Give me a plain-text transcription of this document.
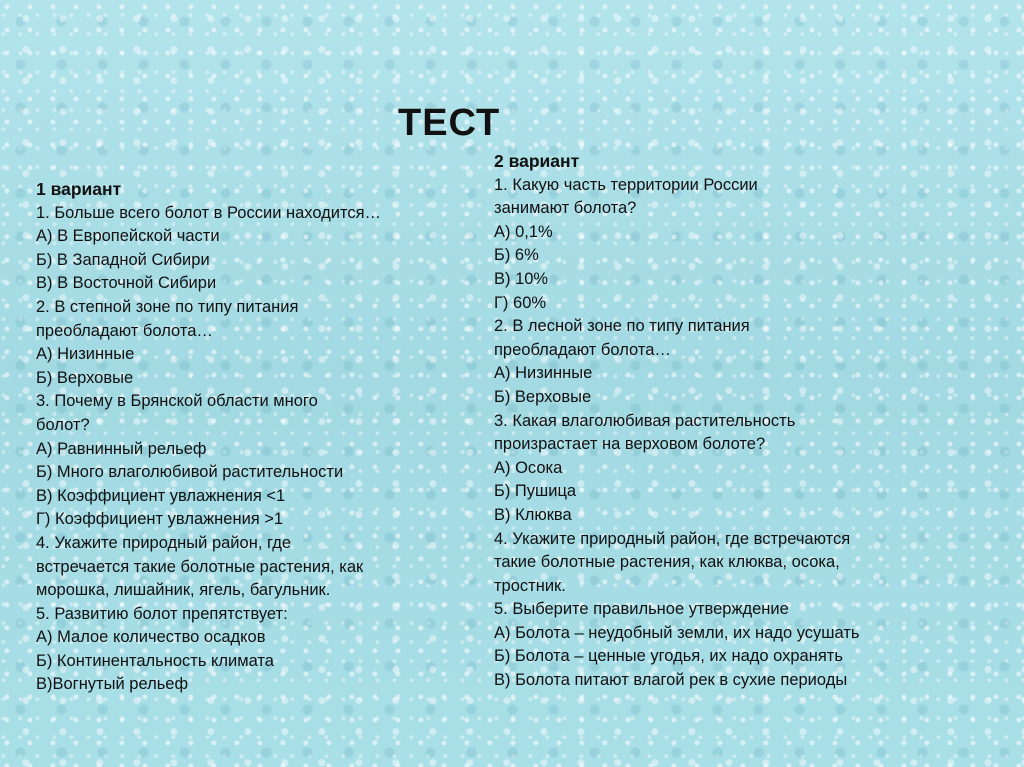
ТЕСТ
1 вариант
1. Больше всего болот в России находится…
А) В Европейской части
Б) В Западной Сибири
В) В Восточной Сибири
2. В степной зоне по типу питания
преобладают болота…
А) Низинные
Б) Верховые
3. Почему в Брянской области много
болот?
А) Равнинный рельеф
Б) Много влаголюбивой растительности
В) Коэффициент увлажнения <1
Г) Коэффициент увлажнения >1
4. Укажите природный район, где
встречается такие болотные растения, как
морошка, лишайник, ягель, багульник.
5. Развитию болот препятствует:
А) Малое количество осадков
Б) Континентальность климата
В)Вогнутый рельеф
2 вариант
1. Какую часть территории России
занимают болота?
А) 0,1%
Б) 6%
В) 10%
Г) 60%
2. В лесной зоне по типу питания
преобладают болота…
А) Низинные
Б) Верховые
3. Какая влаголюбивая растительность
произрастает на верховом болоте?
А) Осока
Б) Пушица
В) Клюква
4. Укажите природный район, где встречаются
такие болотные растения, как клюква, осока,
тростник.
5. Выберите правильное утверждение
А) Болота – неудобный земли, их надо усушать
Б) Болота – ценные угодья, их надо охранять
В) Болота питают влагой рек в сухие периоды
